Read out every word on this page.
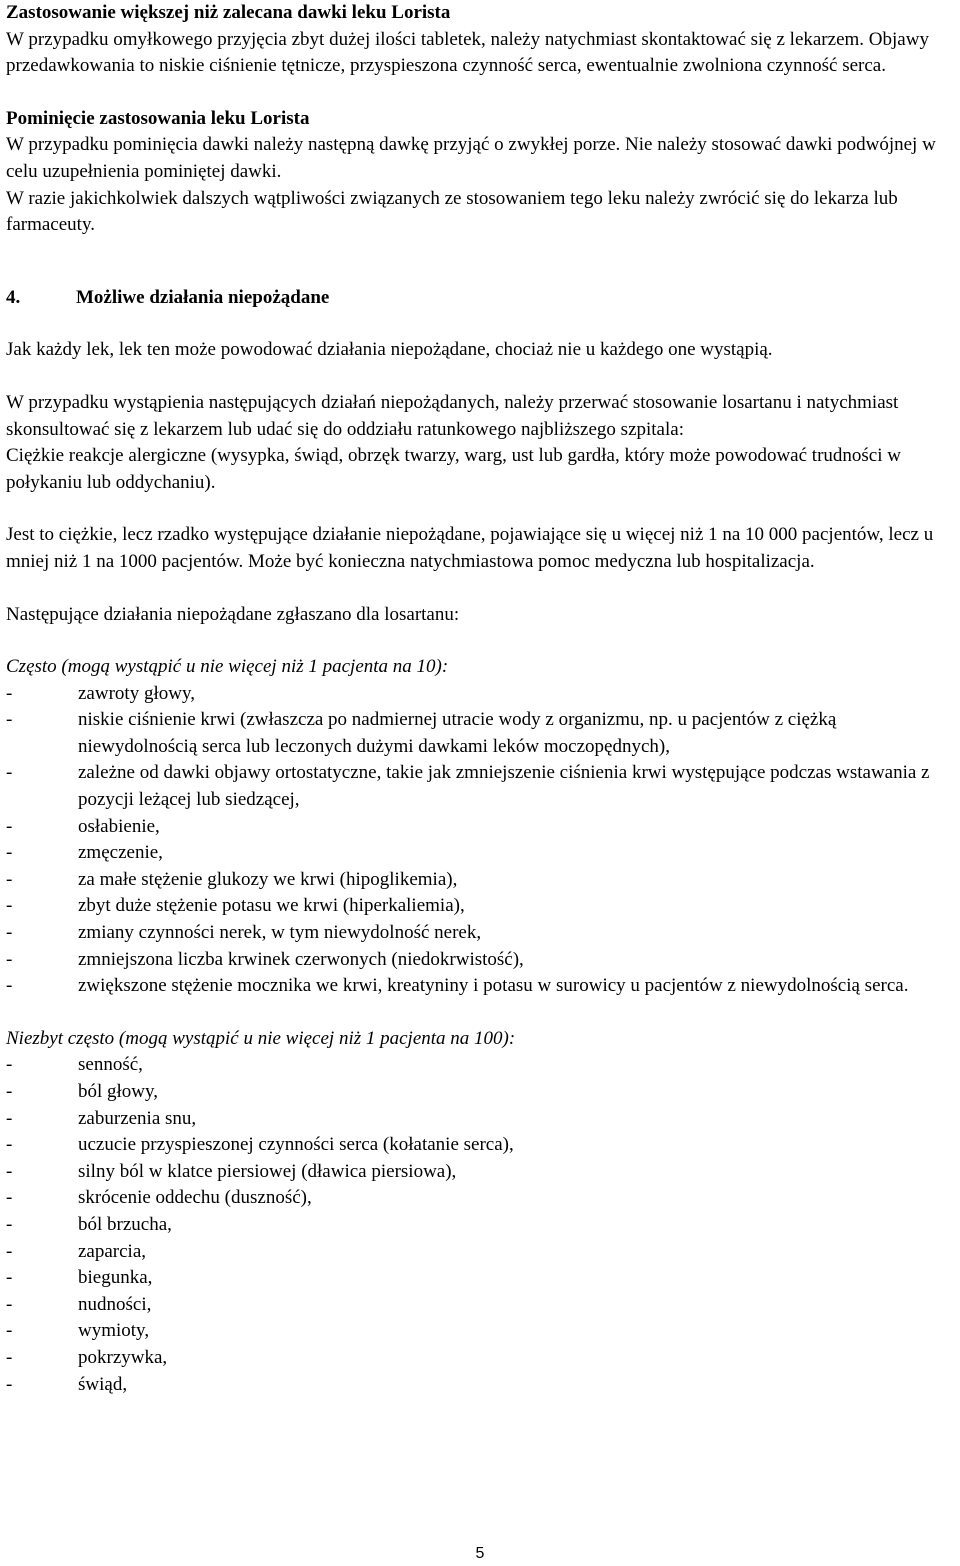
Zastosowanie większej niż zalecana dawki leku Lorista

W przypadku omyłkowego przyjęcia zbyt dużej ilości tabletek, należy natychmiast skontaktować się z lekarzem. Objawy przedawkowania to niskie ciśnienie tętnicze, przyspieszona czynność serca, ewentualnie zwolniona czynność serca.

Pominięcie zastosowania leku Lorista

W przypadku pominięcia dawki należy następną dawkę przyjąć o zwykłej porze. Nie należy stosować dawki podwójnej w celu uzupełnienia pominiętej dawki.

W razie jakichkolwiek dalszych wątpliwości związanych ze stosowaniem tego leku należy zwrócić się do lekarza lub farmaceuty.

4.	Możliwe działania niepożądane

Jak każdy lek, lek ten może powodować działania niepożądane, chociaż nie u każdego one wystąpią.

W przypadku wystąpienia następujących działań niepożądanych, należy przerwać stosowanie losartanu i natychmiast skonsultować się z lekarzem lub udać się do oddziału ratunkowego najbliższego szpitala:

Ciężkie reakcje alergiczne (wysypka, świąd, obrzęk twarzy, warg, ust lub gardła, który może powodować trudności w połykaniu lub oddychaniu).

Jest to ciężkie, lecz rzadko występujące działanie niepożądane, pojawiające się u więcej niż 1 na 10 000 pacjentów, lecz u mniej niż 1 na 1000 pacjentów. Może być konieczna natychmiastowa pomoc medyczna lub hospitalizacja.

Następujące działania niepożądane zgłaszano dla losartanu:

Często (mogą wystąpić u nie więcej niż 1 pacjenta na 10):

-	zawroty głowy,
-	niskie ciśnienie krwi (zwłaszcza po nadmiernej utracie wody z organizmu, np. u pacjentów z ciężką niewydolnością serca lub leczonych dużymi dawkami leków moczopędnych),
-	zależne od dawki objawy ortostatyczne, takie jak zmniejszenie ciśnienia krwi występujące podczas wstawania z pozycji leżącej lub siedzącej,
-	osłabienie,
-	zmęczenie,
-	za małe stężenie glukozy we krwi (hipoglikemia),
-	zbyt duże stężenie potasu we krwi (hiperkaliemia),
-	zmiany czynności nerek, w tym niewydolność nerek,
-	zmniejszona liczba krwinek czerwonych (niedokrwistość),
-	zwiększone stężenie mocznika we krwi, kreatyniny i potasu w surowicy u pacjentów z niewydolnością serca.

Niezbyt często (mogą wystąpić u nie więcej niż 1 pacjenta na 100):

-	senność,
-	ból głowy,
-	zaburzenia snu,
-	uczucie przyspieszonej czynności serca (kołatanie serca),
-	silny ból w klatce piersiowej (dławica piersiowa),
-	skrócenie oddechu (duszność),
-	ból brzucha,
-	zaparcia,
-	biegunka,
-	nudności,
-	wymioty,
-	pokrzywka,
-	świąd,
5
